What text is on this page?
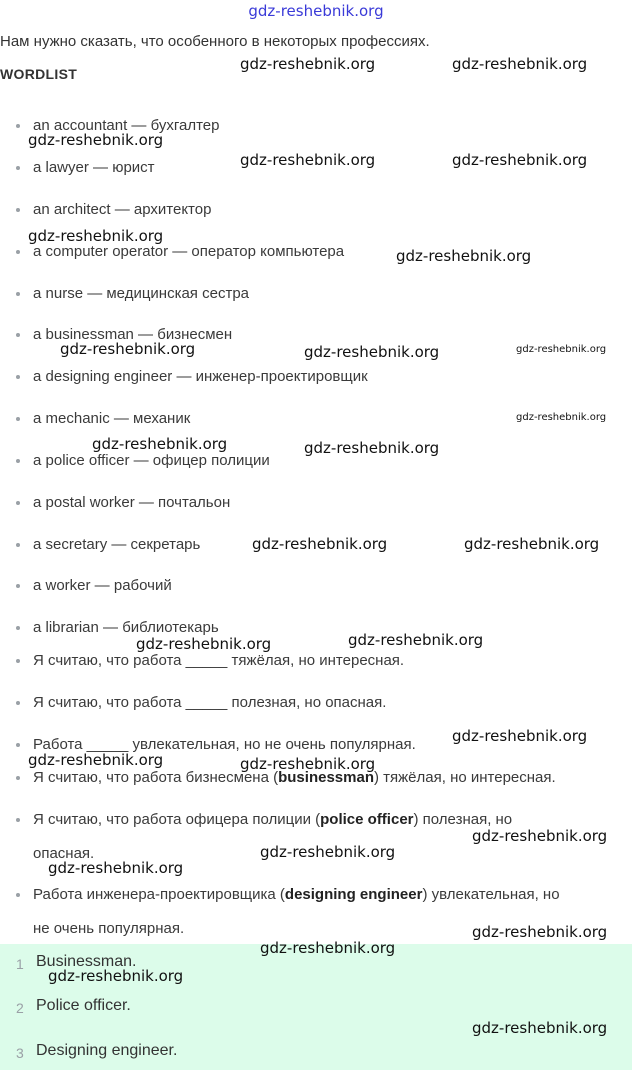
gdz-reshebnik.org
Нам нужно сказать, что особенного в некоторых профессиях.
WORDLIST
an accountant — бухгалтер
a lawyer — юрист
an architect — архитектор
a computer operator — оператор компьютера
a nurse — медицинская сестра
a businessman — бизнесмен
a designing engineer — инженер-проектировщик
a mechanic — механик
a police officer — офицер полиции
a postal worker — почтальон
a secretary — секретарь
a worker — рабочий
a librarian — библиотекарь
Я считаю, что работа _____ тяжёлая, но интересная.
Я считаю, что работа _____ полезная, но опасная.
Работа _____ увлекательная, но не очень популярная.
Я считаю, что работа бизнесмена (businessman) тяжёлая, но интересная.
Я считаю, что работа офицера полиции (police officer) полезная, но
опасная.
Работа инженера-проектировщика (designing engineer) увлекательная, но
не очень популярная.
1 Businessman.
2 Police officer.
3 Designing engineer.
gdz-reshebnik.org	gdz-reshebnik.org
gdz-reshebnik.org
gdz-reshebnik.org	gdz-reshebnik.org
gdz-reshebnik.org
gdz-reshebnik.org
gdz-reshebnik.org	gdz-reshebnik.org	gdz-reshebnik.org
gdz-reshebnik.org
gdz-reshebnik.org	gdz-reshebnik.org
gdz-reshebnik.org	gdz-reshebnik.org
gdz-reshebnik.org
gdz-reshebnik.org
gdz-reshebnik.org
gdz-reshebnik.org	gdz-reshebnik.org
gdz-reshebnik.org
gdz-reshebnik.org
gdz-reshebnik.org
gdz-reshebnik.org
gdz-reshebnik.org
gdz-reshebnik.org
gdz-reshebnik.org
